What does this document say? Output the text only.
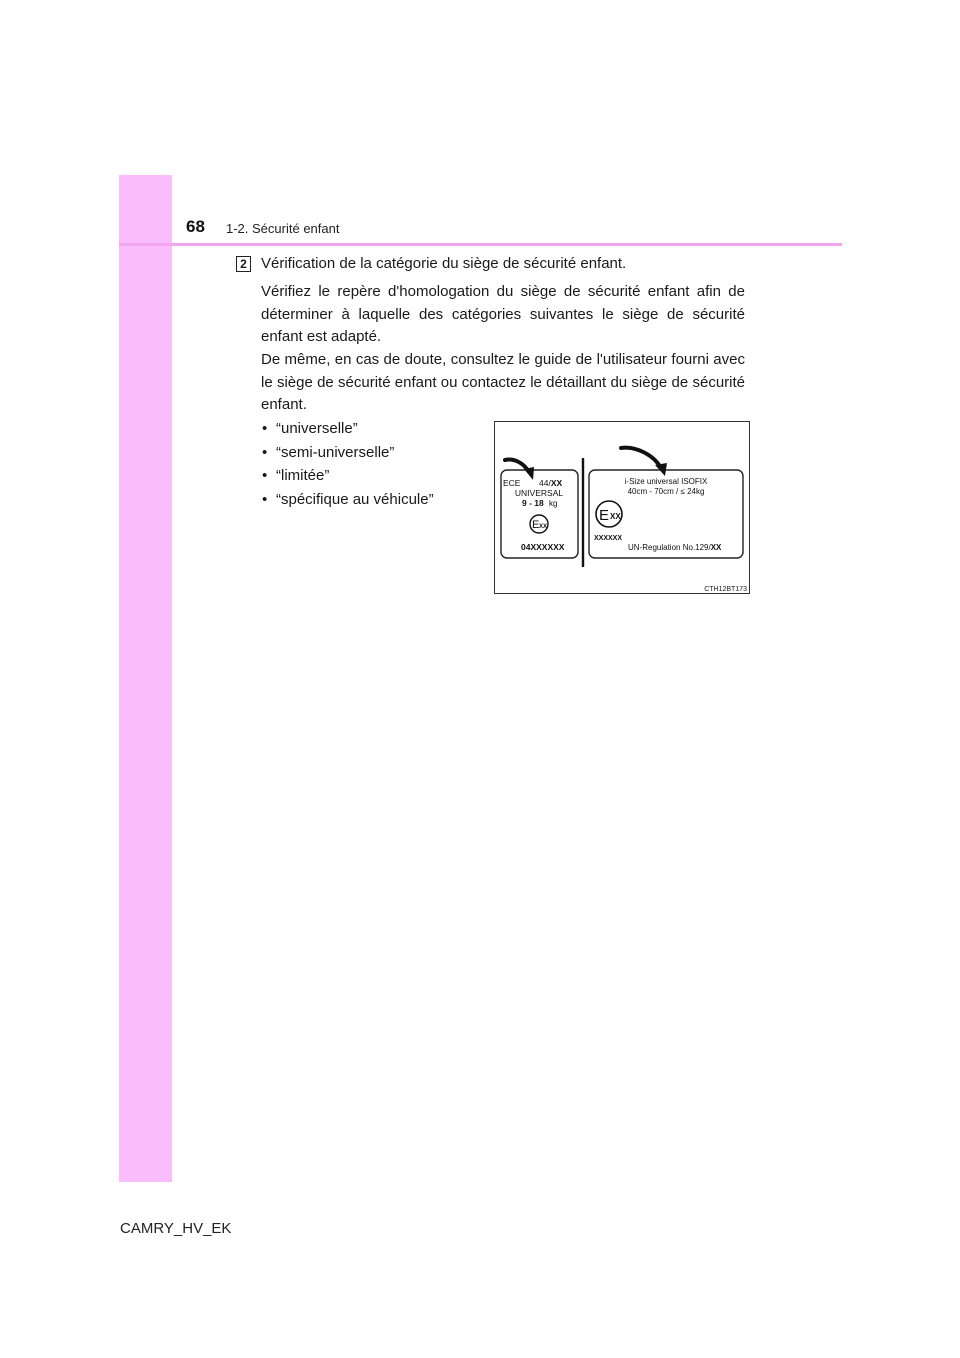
68 1-2. Sécurité enfant
2 Vérification de la catégorie du siège de sécurité enfant.

Vérifiez le repère d'homologation du siège de sécurité enfant afin de déterminer à laquelle des catégories suivantes le siège de sécurité enfant est adapté.

De même, en cas de doute, consultez le guide de l'utilisateur fourni avec le siège de sécurité enfant ou contactez le détaillant du siège de sécurité enfant.

• “universelle”
• “semi-universelle”
• “limitée”
• “spécifique au véhicule”
ECE 44/XX
UNIVERSAL
9 - 18 kg
E XX
04XXXXXX
i-Size universal ISOFIX
40cm - 70cm / ≤ 24kg
E XX
XXXXXX
UN-Regulation No.129/XX
CTH12BT173
CAMRY_HV_EK
